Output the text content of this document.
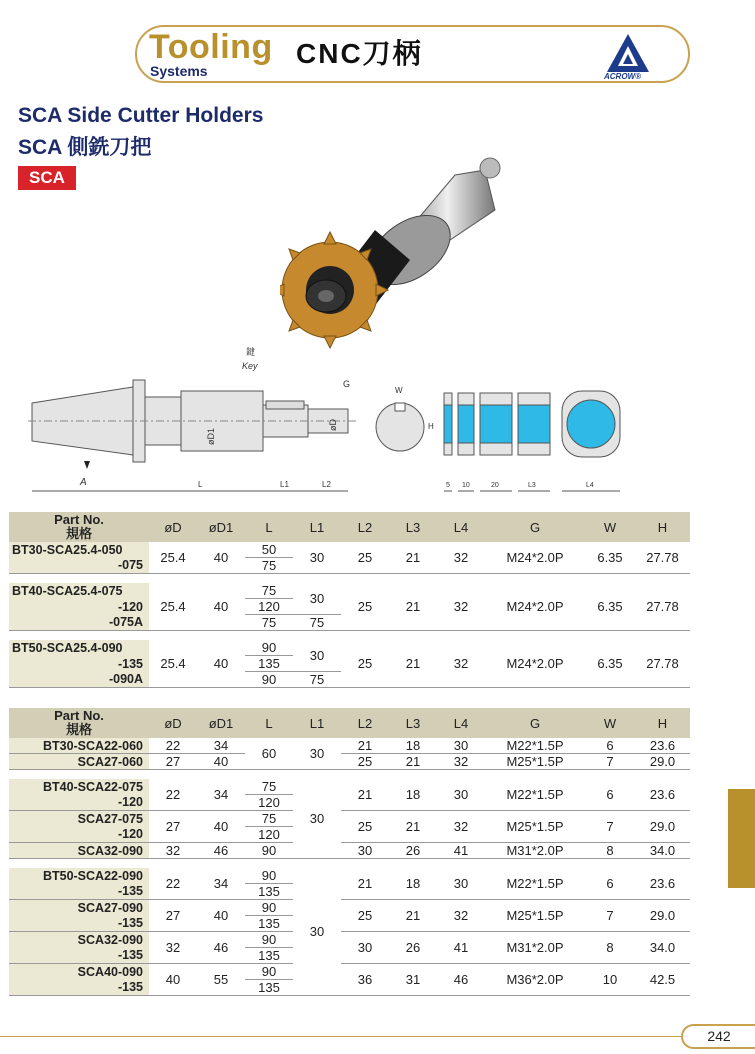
Tooling
Systems
CNC刀柄
ACROW®
SCA Side Cutter Holders
SCA 側銑刀把
SCA
A
鍵
Key
G
øD1
øD
L	L1	L2
W
H
5 10	20	L3	L4
Part No.
規格	øD	øD1	L	L1	L2	L3	L4	G	W	H
BT30-SCA25.4-050	25.4	40	50	30	25	21	32	M24*2.0P	6.35	27.78
-075			75							

BT40-SCA25.4-075	25.4	40	75	30	25	21	32	M24*2.0P	6.35	27.78
-120			120							
-075A			75	75						

BT50-SCA25.4-090	25.4	40	90	30	25	21	32	M24*2.0P	6.35	27.78
-135			135							
-090A			90	75						
Part No.
規格	øD	øD1	L	L1	L2	L3	L4	G	W	H
BT30-SCA22-060	22	34	60	30	21	18	30	M22*1.5P	6	23.6
SCA27-060	27	40			25	21	32	M25*1.5P	7	29.0

BT40-SCA22-075	22	34	75	30	21	18	30	M22*1.5P	6	23.6
-120			120							
SCA27-075	27	40	75		25	21	32	M25*1.5P	7	29.0
-120			120							
SCA32-090	32	46	90		30	26	41	M31*2.0P	8	34.0

BT50-SCA22-090	22	34	90	30	21	18	30	M22*1.5P	6	23.6
-135			135							
SCA27-090	27	40	90		25	21	32	M25*1.5P	7	29.0
-135			135							
SCA32-090	32	46	90		30	26	41	M31*2.0P	8	34.0
-135			135							
SCA40-090	40	55	90		36	31	46	M36*2.0P	10	42.5
-135			135							
242
